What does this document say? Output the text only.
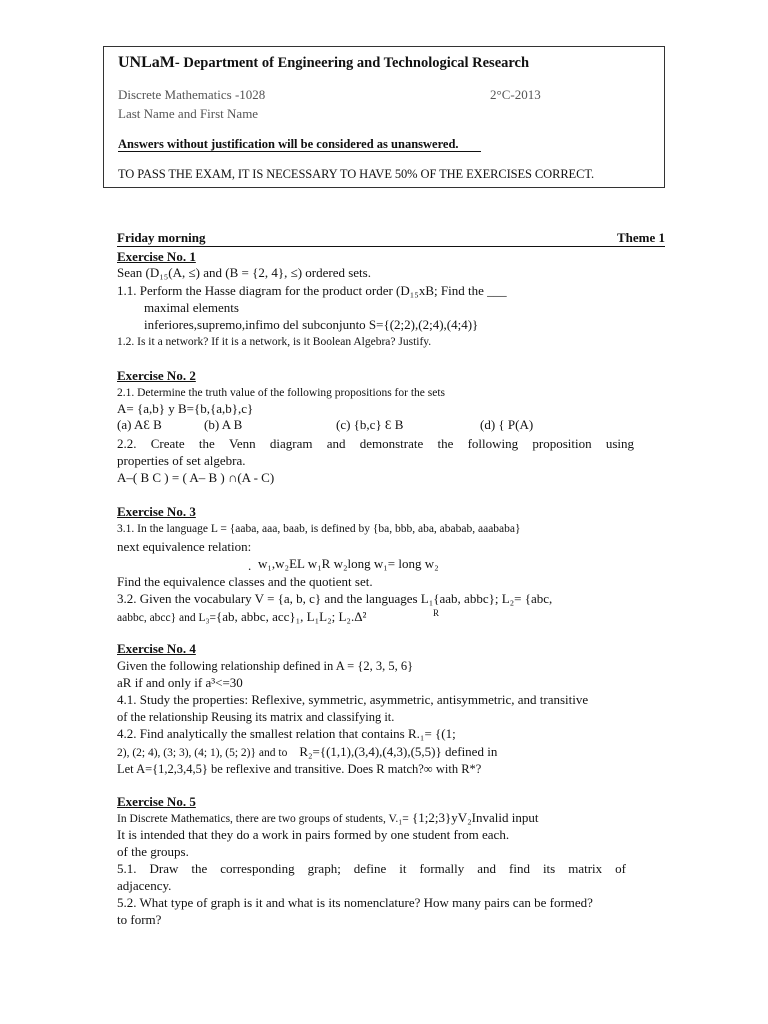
UNLaM- Department of Engineering and Technological Research
Discrete Mathematics -1028	2°C-2013
Last Name and First Name
Answers without justification will be considered as unanswered.
TO PASS THE EXAM, IT IS NECESSARY TO HAVE 50% OF THE EXERCISES CORRECT.
Friday morning	Theme 1
Exercise No. 1
Sean (D₁₅(A, ≤) and (B = {2, 4}, ≤) ordered sets.
1.1. Perform the Hasse diagram for the product order (D₁₅xB; Find the ___
maximal elements
inferiores,supremo,infimo del subconjunto S={(2;2),(2;4),(4;4)}
1.2. Is it a network? If it is a network, is it Boolean Algebra? Justify.
Exercise No. 2
2.1. Determine the truth value of the following propositions for the sets
A= {a,b} y B={b,{a,b},c}
(a) AƐ B	(b) A B	(c) {b,c} Ɛ B	(d) { P(A)
2.2. Create the Venn diagram and demonstrate the following proposition using
properties of set algebra.
A–( B C ) = ( A– B ) ∩(A - C)
Exercise No. 3
3.1. In the language L = {aaba, aaa, baab, is defined by {ba, bbb, aba, ababab, aaababa}
next equivalence relation:
. w₁,w₂EL w₁R w₂long w₁= long w₂
Find the equivalence classes and the quotient set.
3.2. Given the vocabulary V = {a, b, c} and the languages L₁{aab, abbc}; L₂= {abc,
aabbc, abcc} and L₃={ab, abbc, acc}₁, L₁L₂; L₂.Δ²	R
Exercise No. 4
Given the following relationship defined in A = {2, 3, 5, 6}
aR if and only if a³<=30
4.1. Study the properties: Reflexive, symmetric, asymmetric, antisymmetric, and transitive
of the relationship Reusing its matrix and classifying it.
4.2. Find analytically the smallest relation that contains R.₁= {(1;
2), (2; 4), (3; 3), (4; 1), (5; 2)} and to R₂={(1,1),(3,4),(4,3),(5,5)} defined in
Let A={1,2,3,4,5} be reflexive and transitive. Does R match?∞ with R*?
Exercise No. 5
In Discrete Mathematics, there are two groups of students, V.₁= {1;2;3}yV₂Invalid input
It is intended that they do a work in pairs formed by one student from each.
of the groups.
5.1. Draw the corresponding graph; define it formally and find its matrix of
adjacency.
5.2. What type of graph is it and what is its nomenclature? How many pairs can be formed?
to form?
